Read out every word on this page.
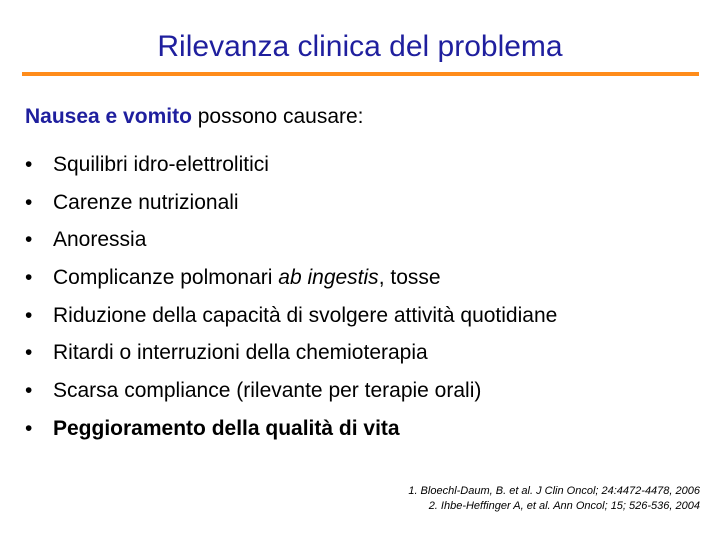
Rilevanza clinica del problema
Nausea e vomito possono causare:
• Squilibri idro-elettrolitici
• Carenze nutrizionali
• Anoressia
• Complicanze polmonari ab ingestis, tosse
• Riduzione della capacità di svolgere attività quotidiane
• Ritardi o interruzioni della chemioterapia
• Scarsa compliance (rilevante per terapie orali)
• Peggioramento della qualità di vita
1. Bloechl-Daum, B. et al. J Clin Oncol; 24:4472-4478, 2006
2. Ihbe-Heffinger A, et al. Ann Oncol; 15; 526-536, 2004
